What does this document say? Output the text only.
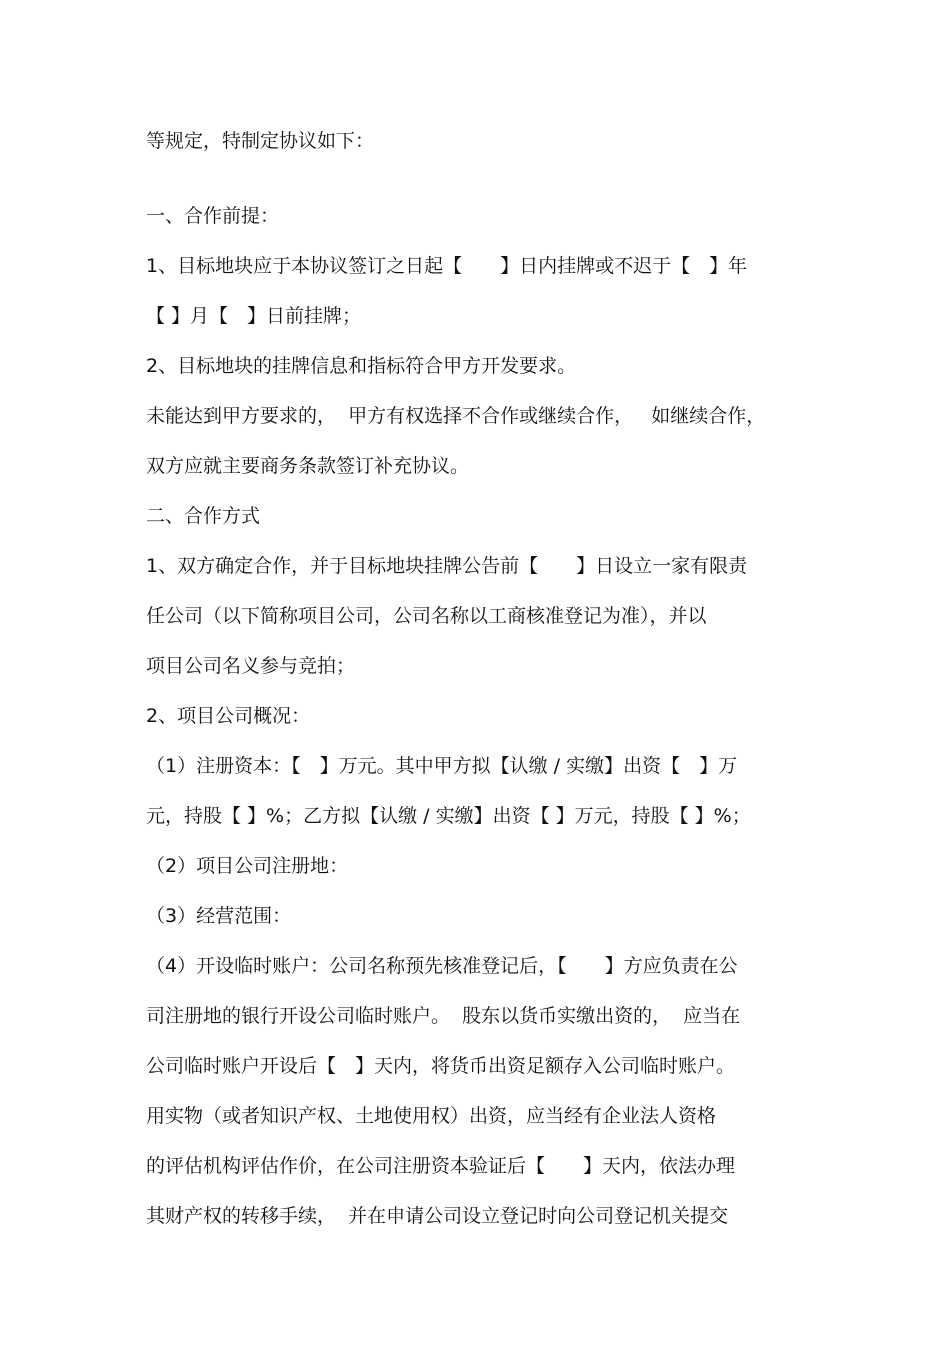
等规定，特制定协议如下：

一、合作前提：

1、目标地块应于本协议签订之日起【　　】日内挂牌或不迟于【　】年

【 】月【　】日前挂牌；

2、目标地块的挂牌信息和指标符合甲方开发要求。

未能达到甲方要求的，  甲方有权选择不合作或继续合作，   如继续合作，

双方应就主要商务条款签订补充协议。

二、合作方式

1、双方确定合作，并于目标地块挂牌公告前【　　】日设立一家有限责

任公司（以下简称项目公司，公司名称以工商核准登记为准），并以

项目公司名义参与竞拍；

2、项目公司概况：

（1）注册资本：【　】万元。其中甲方拟【认缴 / 实缴】出资【　】万

元，持股【 】%；乙方拟【认缴 / 实缴】出资【 】万元，持股【 】%；

（2）项目公司注册地：

（3）经营范围：

（4）开设临时账户：公司名称预先核准登记后，【　　】方应负责在公

司注册地的银行开设公司临时账户。  股东以货币实缴出资的，  应当在

公司临时账户开设后【　】天内，将货币出资足额存入公司临时账户。

用实物（或者知识产权、土地使用权）出资，应当经有企业法人资格

的评估机构评估作价，在公司注册资本验证后【　　】天内，依法办理

其财产权的转移手续，  并在申请公司设立登记时向公司登记机关提交
